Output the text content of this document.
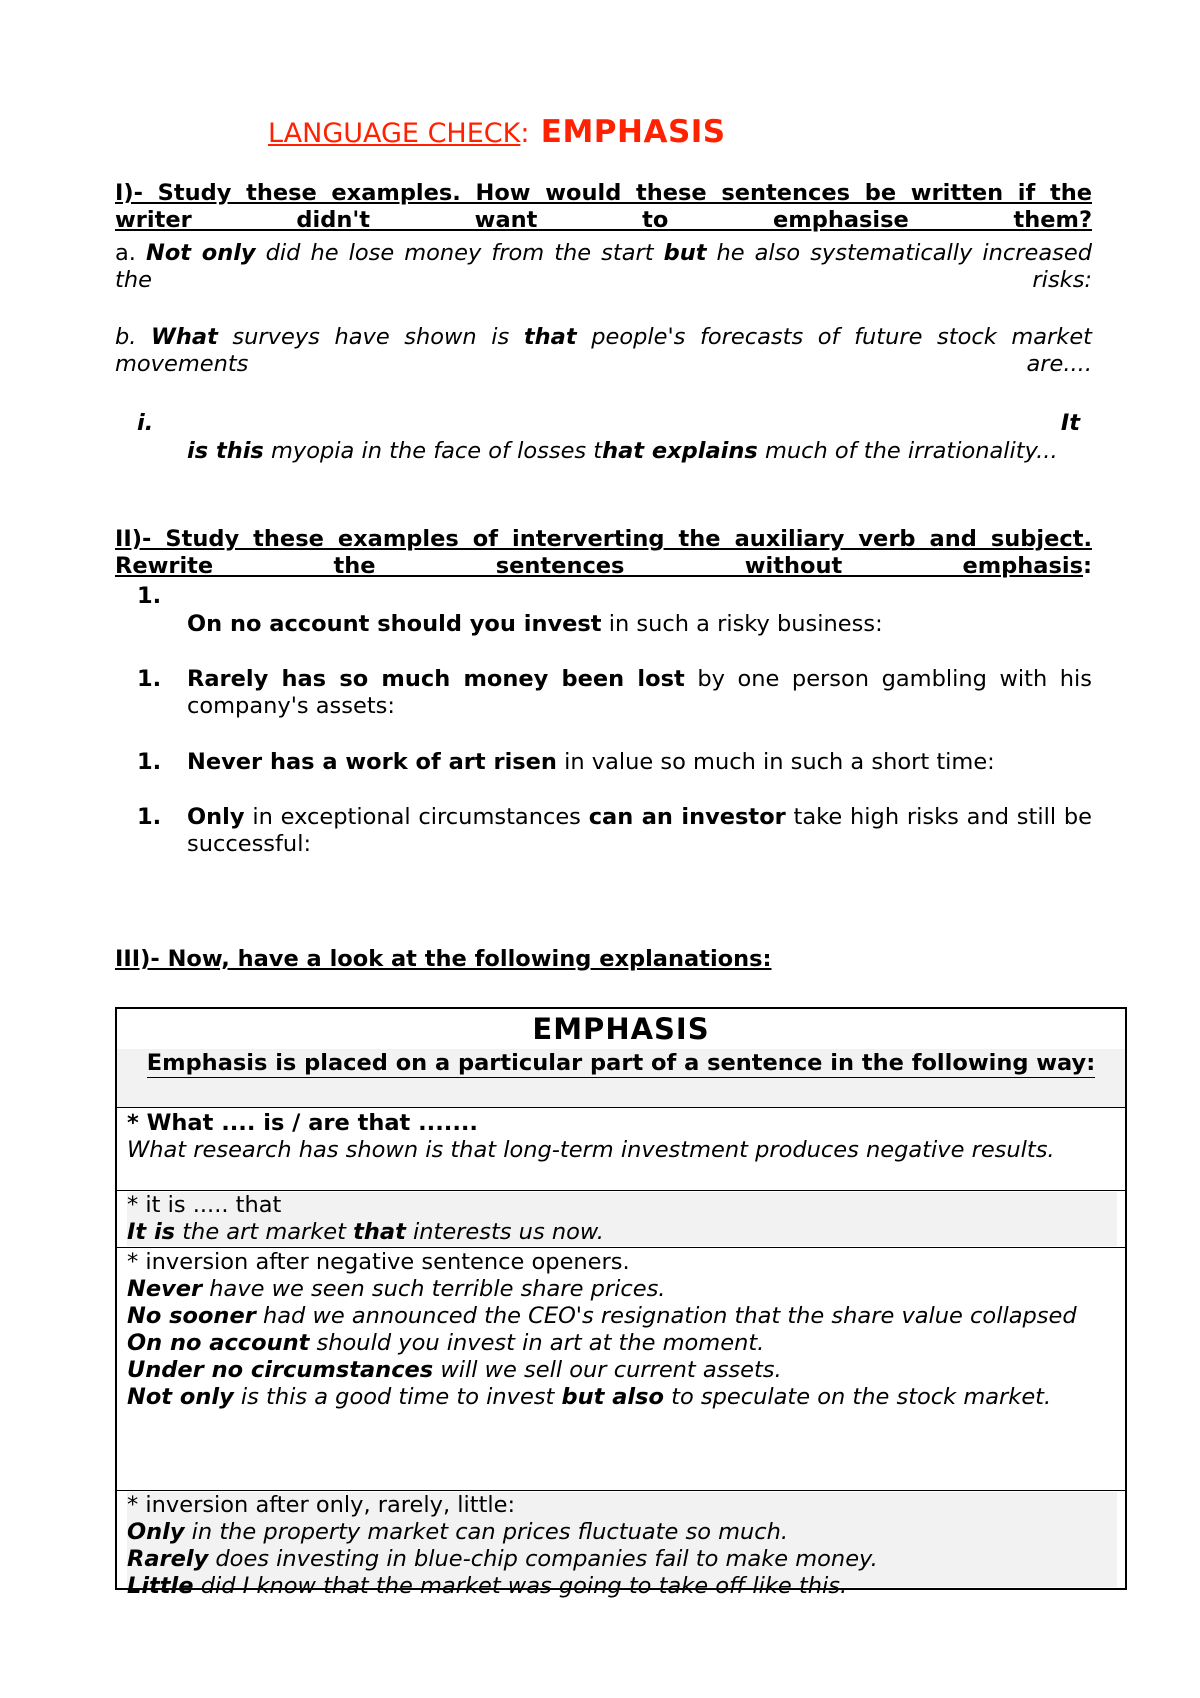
LANGUAGE CHECK: EMPHASIS
I)- Study these examples. How would these sentences be written if the writer didn't want to emphasise them?
a. Not only did he lose money from the start but he also systematically increased the risks:
b. What surveys have shown is that people's forecasts of future stock market movements are....
i.	It
is this myopia in the face of losses that explains much of the irrationality...
II)- Study these examples of interverting the auxiliary verb and subject. Rewrite the sentences without emphasis:
1.
On no account should you invest in such a risky business:
1. Rarely has so much money been lost by one person gambling with his company's assets:
1. Never has a work of art risen in value so much in such a short time:
1. Only in exceptional circumstances can an investor take high risks and still be successful:
III)- Now, have a look at the following explanations:
EMPHASIS
Emphasis is placed on a particular part of a sentence in the following way:
* What .... is / are that .......
What research has shown is that long-term investment produces negative results.
* it is ..... that
It is the art market that interests us now.
* inversion after negative sentence openers.
Never have we seen such terrible share prices.
No sooner had we announced the CEO's resignation that the share value collapsed
On no account should you invest in art at the moment.
Under no circumstances will we sell our current assets.
Not only is this a good time to invest but also to speculate on the stock market.
* inversion after only, rarely, little:
Only in the property market can prices fluctuate so much.
Rarely does investing in blue-chip companies fail to make money.
Little did I know that the market was going to take off like this.
